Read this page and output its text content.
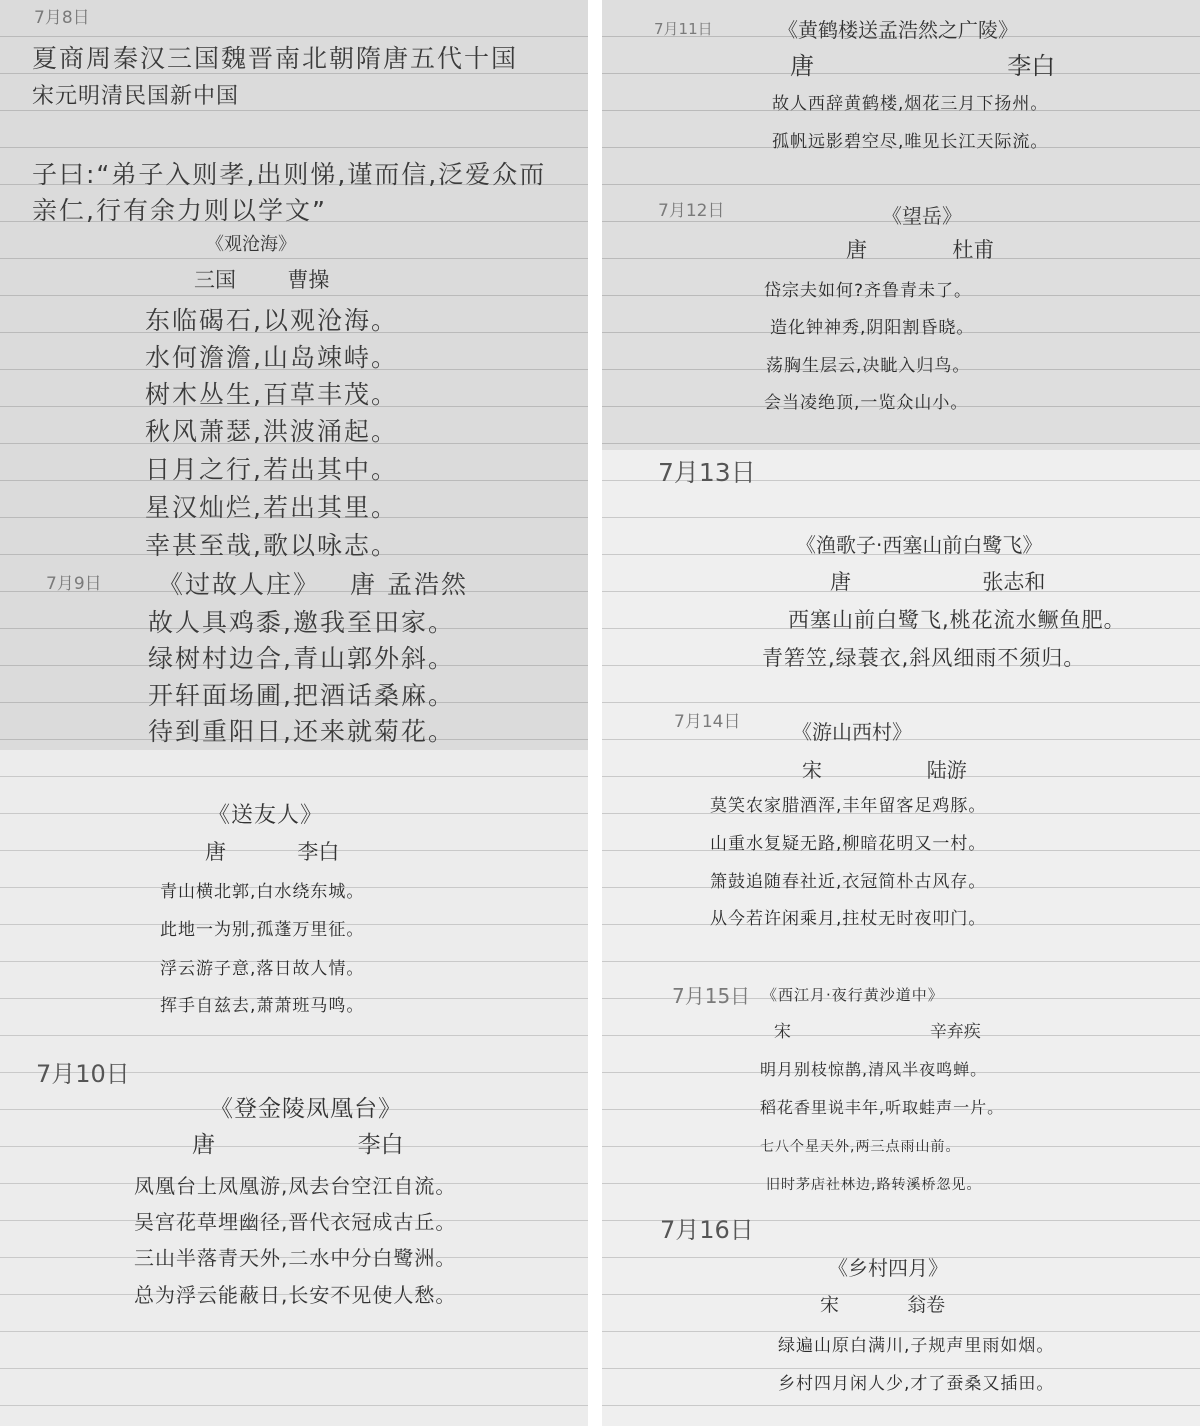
7月8日
夏商周秦汉三国魏晋南北朝隋唐五代十国
宋元明清民国新中国
子曰:“弟子入则孝,出则悌,谨而信,泛爱众而
亲仁,行有余力则以学文”
《观沧海》
三国 曹操
东临碣石,以观沧海。
水何澹澹,山岛竦峙。
树木丛生,百草丰茂。
秋风萧瑟,洪波涌起。
日月之行,若出其中。
星汉灿烂,若出其里。
幸甚至哉,歌以咏志。
7月9日 《过故人庄》 唐 孟浩然
故人具鸡黍,邀我至田家。
绿树村边合,青山郭外斜。
开轩面场圃,把酒话桑麻。
待到重阳日,还来就菊花。
《送友人》
唐	李白
青山横北郭,白水绕东城。
此地一为别,孤蓬万里征。
浮云游子意,落日故人情。
挥手自兹去,萧萧班马鸣。
7月10日
《登金陵凤凰台》
唐	李白
凤凰台上凤凰游,凤去台空江自流。
吴宫花草埋幽径,晋代衣冠成古丘。
三山半落青天外,二水中分白鹭洲。
总为浮云能蔽日,长安不见使人愁。
7月11日	《黄鹤楼送孟浩然之广陵》
唐	李白
故人西辞黄鹤楼,烟花三月下扬州。
孤帆远影碧空尽,唯见长江天际流。
7月12日	《望岳》
唐	杜甫
岱宗夫如何?齐鲁青未了。
造化钟神秀,阴阳割昏晓。
荡胸生层云,决眦入归鸟。
会当凌绝顶,一览众山小。
7月13日
《渔歌子·西塞山前白鹭飞》
唐	张志和
西塞山前白鹭飞,桃花流水鳜鱼肥。
青箬笠,绿蓑衣,斜风细雨不须归。
7月14日	《游山西村》
宋	陆游
莫笑农家腊酒浑,丰年留客足鸡豚。
山重水复疑无路,柳暗花明又一村。
箫鼓追随春社近,衣冠简朴古风存。
从今若许闲乘月,拄杖无时夜叩门。
7月15日 《西江月·夜行黄沙道中》
宋	辛弃疾
明月别枝惊鹊,清风半夜鸣蝉。
稻花香里说丰年,听取蛙声一片。
七八个星天外,两三点雨山前。
旧时茅店社林边,路转溪桥忽见。
7月16日
《乡村四月》
宋	翁卷
绿遍山原白满川,子规声里雨如烟。
乡村四月闲人少,才了蚕桑又插田。
